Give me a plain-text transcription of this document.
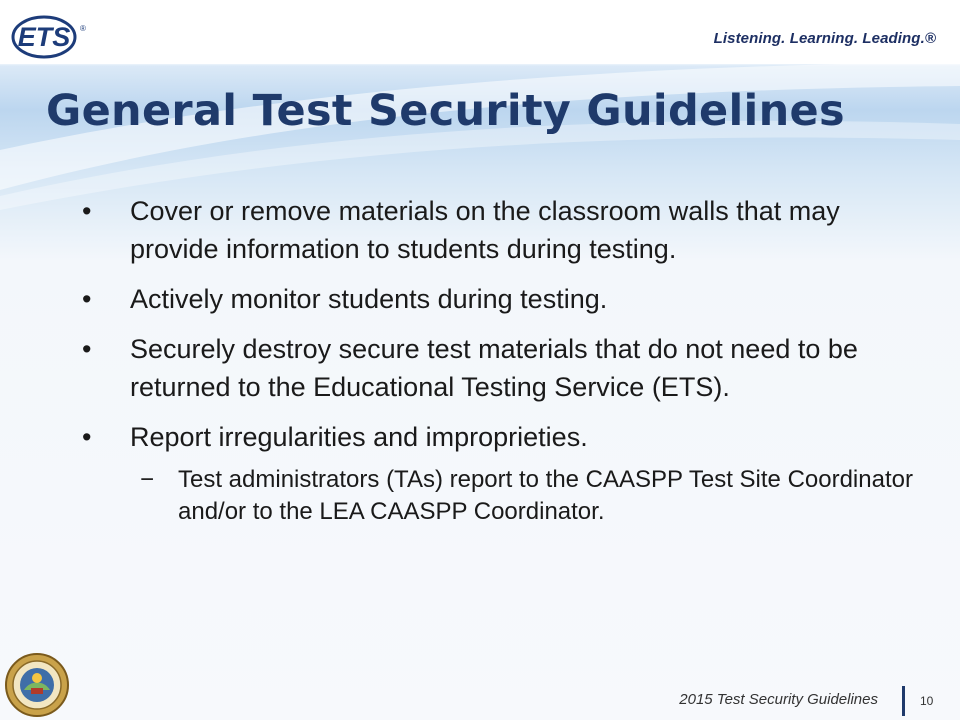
ETS ®
Listening. Learning. Leading.®
General Test Security Guidelines
• Cover or remove materials on the classroom walls that may provide information to students during testing.
• Actively monitor students during testing.
• Securely destroy secure test materials that do not need to be returned to the Educational Testing Service (ETS).
• Report irregularities and improprieties.
− Test administrators (TAs) report to the CAASPP Test Site Coordinator and/or to the LEA CAASPP Coordinator.
2015 Test Security Guidelines	10
